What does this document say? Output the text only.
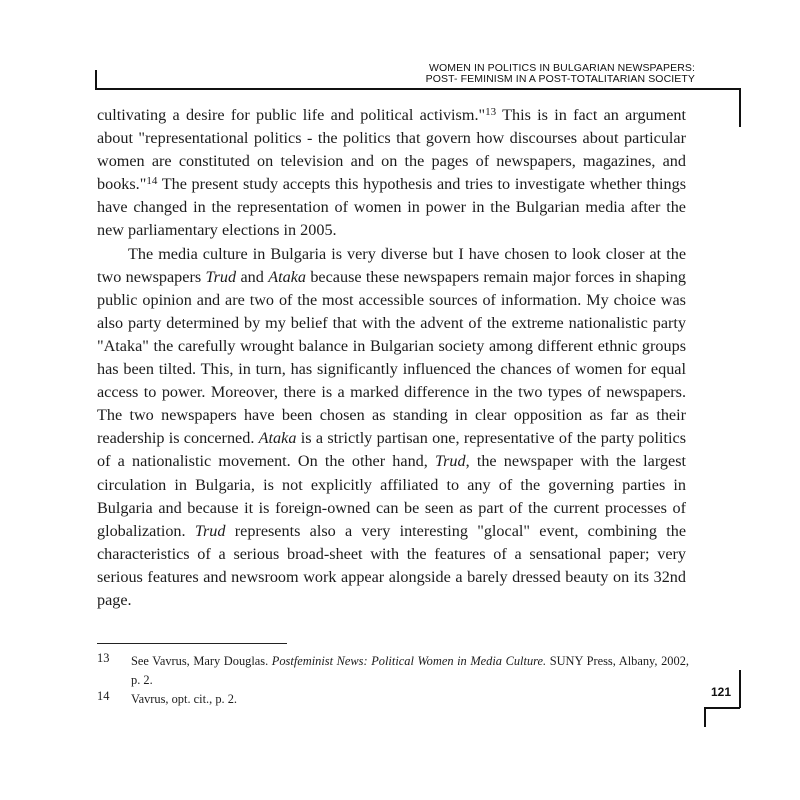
WOMEN IN POLITICS IN BULGARIAN NEWSPAPERS:
POST- FEMINISM IN A POST-TOTALITARIAN SOCIETY

cultivating a desire for public life and political activism."$^{13}$ This is in fact an argument about "representational politics - the politics that govern how discourses about particular women are constituted on television and on the pages of newspapers, magazines, and books."$^{14}$ The present study accepts this hypothesis and tries to investigate whether things have changed in the representation of women in power in the Bulgarian media after the new parliamentary elections in 2005.

The media culture in Bulgaria is very diverse but I have chosen to look closer at the two newspapers Trud and Ataka because these newspapers remain major forces in shaping public opinion and are two of the most accessible sources of information. My choice was also party determined by my belief that with the advent of the extreme nationalistic party "Ataka" the carefully wrought balance in Bulgarian society among different ethnic groups has been tilted. This, in turn, has significantly influenced the chances of women for equal access to power. Moreover, there is a marked difference in the two types of newspapers. The two newspapers have been chosen as standing in clear opposition as far as their readership is concerned. Ataka is a strictly partisan one, representative of the party politics of a nationalistic movement. On the other hand, Trud, the newspaper with the largest circulation in Bulgaria, is not explicitly affiliated to any of the governing parties in Bulgaria and because it is foreign-owned can be seen as part of the current processes of globalization. Trud represents also a very interesting "glocal" event, combining the characteristics of a serious broad-sheet with the features of a sensational paper; very serious features and newsroom work appear alongside a barely dressed beauty on its 32nd page.

13 See Vavrus, Mary Douglas. Postfeminist News: Political Women in Media Culture. SUNY Press, Albany, 2002, p. 2.
14 Vavrus, opt. cit., p. 2.	121
